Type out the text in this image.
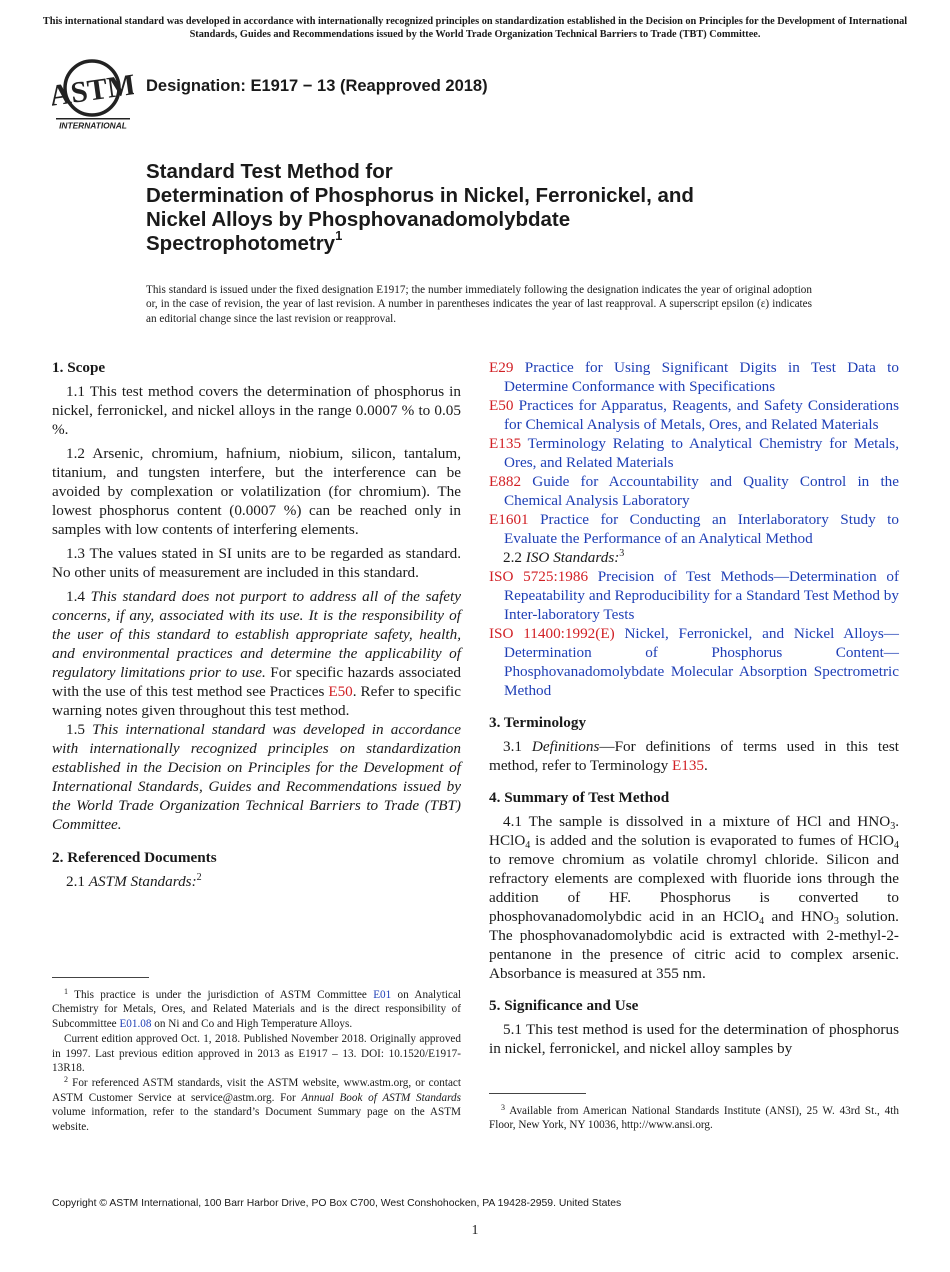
This international standard was developed in accordance with internationally recognized principles on standardization established in the Decision on Principles for the Development of International Standards, Guides and Recommendations issued by the World Trade Organization Technical Barriers to Trade (TBT) Committee.
ASTM
INTERNATIONAL
Designation: E1917 − 13 (Reapproved 2018)
Standard Test Method for
Determination of Phosphorus in Nickel, Ferronickel, and
Nickel Alloys by Phosphovanadomolybdate
Spectrophotometry$^1$
This standard is issued under the fixed designation E1917; the number immediately following the designation indicates the year of original adoption or, in the case of revision, the year of last revision. A number in parentheses indicates the year of last reapproval. A superscript epsilon (ε) indicates an editorial change since the last revision or reapproval.

1. Scope

1.1 This test method covers the determination of phosphorus in nickel, ferronickel, and nickel alloys in the range 0.0007 % to 0.05 %.

1.2 Arsenic, chromium, hafnium, niobium, silicon, tantalum, titanium, and tungsten interfere, but the interference can be avoided by complexation or volatilization (for chromium). The lowest phosphorus content (0.0007 %) can be reached only in samples with low contents of interfering elements.

1.3 The values stated in SI units are to be regarded as standard. No other units of measurement are included in this standard.

1.4 This standard does not purport to address all of the safety concerns, if any, associated with its use. It is the responsibility of the user of this standard to establish appropriate safety, health, and environmental practices and determine the applicability of regulatory limitations prior to use. For specific hazards associated with the use of this test method see Practices E50. Refer to specific warning notes given throughout this test method.

1.5 This international standard was developed in accordance with internationally recognized principles on standardization established in the Decision on Principles for the Development of International Standards, Guides and Recommendations issued by the World Trade Organization Technical Barriers to Trade (TBT) Committee.

2. Referenced Documents

2.1 ASTM Standards:$^2$

$^1$ This practice is under the jurisdiction of ASTM Committee E01 on Analytical Chemistry for Metals, Ores, and Related Materials and is the direct responsibility of Subcommittee E01.08 on Ni and Co and High Temperature Alloys.

Current edition approved Oct. 1, 2018. Published November 2018. Originally approved in 1997. Last previous edition approved in 2013 as E1917 – 13. DOI: 10.1520/E1917-13R18.

$^2$ For referenced ASTM standards, visit the ASTM website, www.astm.org, or contact ASTM Customer Service at service@astm.org. For Annual Book of ASTM Standards volume information, refer to the standard’s Document Summary page on the ASTM website.

E29 Practice for Using Significant Digits in Test Data to Determine Conformance with Specifications

E50 Practices for Apparatus, Reagents, and Safety Considerations for Chemical Analysis of Metals, Ores, and Related Materials

E135 Terminology Relating to Analytical Chemistry for Metals, Ores, and Related Materials

E882 Guide for Accountability and Quality Control in the Chemical Analysis Laboratory

E1601 Practice for Conducting an Interlaboratory Study to Evaluate the Performance of an Analytical Method

2.2 ISO Standards:$^3$

ISO 5725:1986 Precision of Test Methods—Determination of Repeatability and Reproducibility for a Standard Test Method by Inter-laboratory Tests

ISO 11400:1992(E) Nickel, Ferronickel, and Nickel Alloys—Determination of Phosphorus Content—Phosphovanadomolybdate Molecular Absorption Spectrometric Method

3. Terminology

3.1 Definitions—For definitions of terms used in this test method, refer to Terminology E135.

4. Summary of Test Method

4.1 The sample is dissolved in a mixture of HCl and $HNO_3$. HClO$_4$ is added and the solution is evaporated to fumes of HClO$_4$ to remove chromium as volatile chromyl chloride. Silicon and refractory elements are complexed with fluoride ions through the addition of HF. Phosphorus is converted to phosphovanadomolybdic acid in an HClO$_4$ and $HNO_3$ solution. The phosphovanadomolybdic acid is extracted with 2-methyl-2-pentanone in the presence of citric acid to complex arsenic. Absorbance is measured at 355 nm.

5. Significance and Use

5.1 This test method is used for the determination of phosphorus in nickel, ferronickel, and nickel alloy samples by

$^3$ Available from American National Standards Institute (ANSI), 25 W. 43rd St., 4th Floor, New York, NY 10036, http://www.ansi.org.

Copyright © ASTM International, 100 Barr Harbor Drive, PO Box C700, West Conshohocken, PA 19428-2959. United States
1
